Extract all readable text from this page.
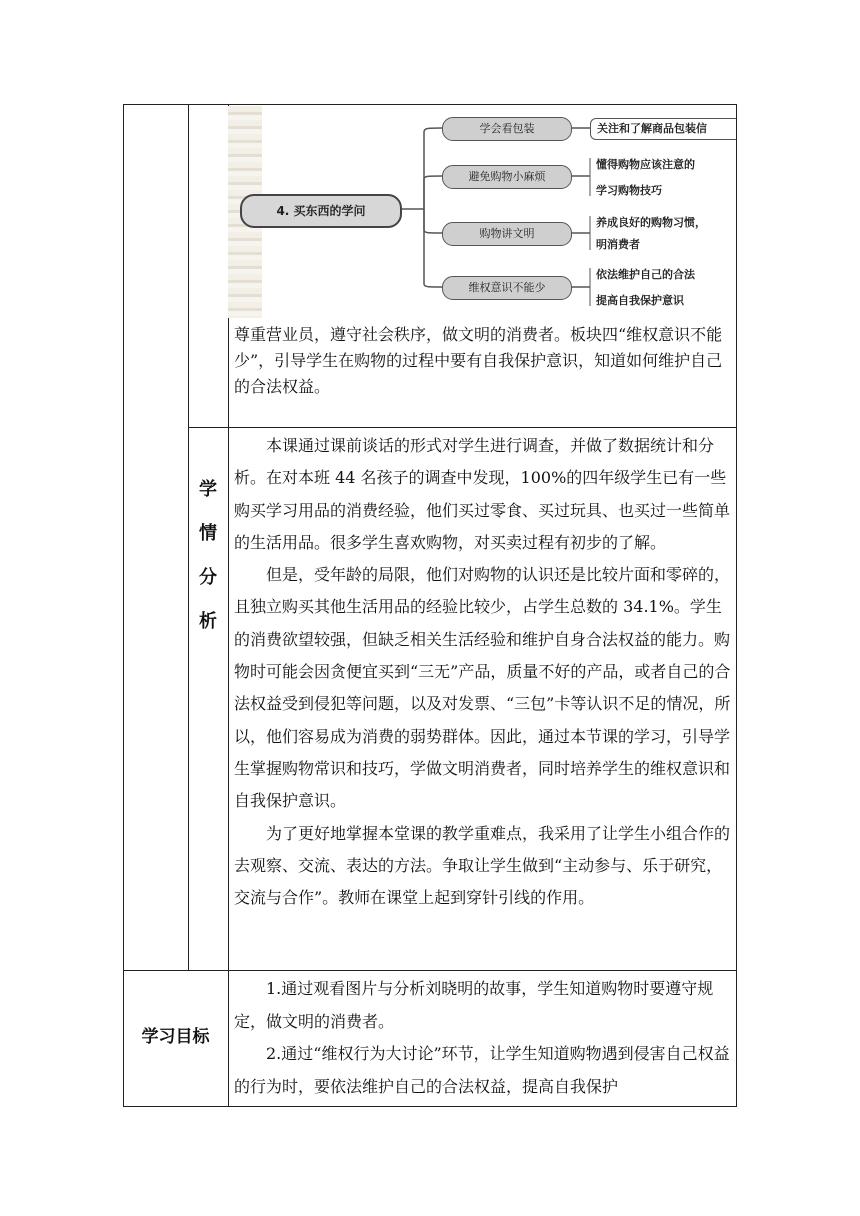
4. 买东西的学问
学会看包装
避免购物小麻烦
购物讲文明
维权意识不能少
关注和了解商品包装信
懂得购物应该注意的
学习购物技巧
养成良好的购物习惯，
明消费者
依法维护自己的合法
提高自我保护意识

尊重营业员，遵守社会秩序，做文明的消费者。板块四“维权意识不能少”，引导学生在购物的过程中要有自我保护意识，知道如何维护自己的合法权益。

学
情
分
析

本课通过课前谈话的形式对学生进行调查，并做了数据统计和分析。在对本班 44 名孩子的调查中发现，100%的四年级学生已有一些购买学习用品的消费经验，他们买过零食、买过玩具、也买过一些简单的生活用品。很多学生喜欢购物，对买卖过程有初步的了解。

但是，受年龄的局限，他们对购物的认识还是比较片面和零碎的，且独立购买其他生活用品的经验比较少，占学生总数的 34.1%。学生的消费欲望较强，但缺乏相关生活经验和维护自身合法权益的能力。购物时可能会因贪便宜买到“三无”产品，质量不好的产品，或者自己的合法权益受到侵犯等问题，以及对发票、“三包”卡等认识不足的情况，所以，他们容易成为消费的弱势群体。因此，通过本节课的学习，引导学生掌握购物常识和技巧，学做文明消费者，同时培养学生的维权意识和自我保护意识。

为了更好地掌握本堂课的教学重难点，我采用了让学生小组合作的去观察、交流、表达的方法。争取让学生做到“主动参与、乐于研究，交流与合作”。教师在课堂上起到穿针引线的作用。

学习目标

1.通过观看图片与分析刘晓明的故事，学生知道购物时要遵守规定，做文明的消费者。

2.通过“维权行为大讨论”环节，让学生知道购物遇到侵害自己权益的行为时，要依法维护自己的合法权益，提高自我保护
